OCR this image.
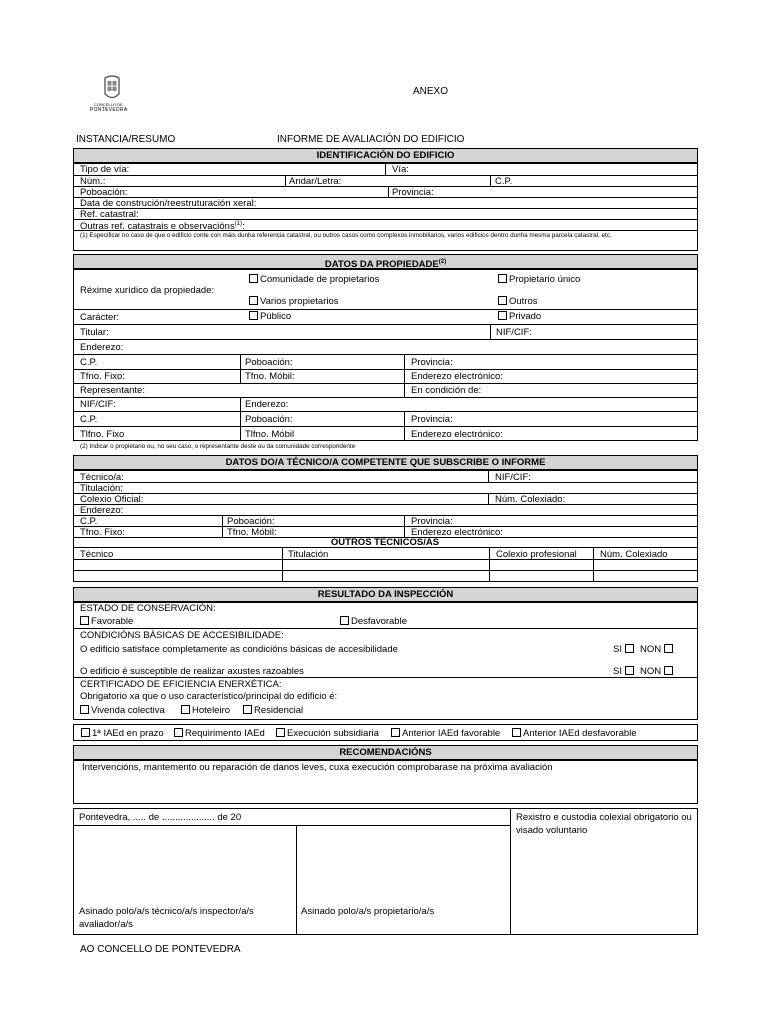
CONCELLO DE
PONTEVEDRA
ANEXO
INSTANCIA/RESUMO	INFORME DE AVALIACIÓN DO EDIFICIO
IDENTIFICACIÓN DO EDIFICIO
Tipo de vía:	Vía:
Núm.:	Andar/Letra:	C.P.
Poboación:	Provincia:
Data de construción/reestruturación xeral:
Ref. catastral:
Outras ref. catastrais e observacións$^{(1)}$:
(1) Especificar no caso de que o edificio conte con máis dunha referencia catastral, ou outros casos como complexos inmobiliarios, varios edificios dentro dunha mesma parcela catastral, etc.
DATOS DA PROPIEDADE$^{(2)}$
Réxime xurídico da propiedade:
Comunidade de propietarios	Propietario único
Varios propietarios	Outros
Carácter:	Público	Privado
Titular:	NIF/CIF:
Enderezo:
C.P.	Poboación:	Provincia:
Tfno. Fixo:	Tfno. Móbil:	Enderezo electrónico:
Representante:	En condición de:
NIF/CIF:	Enderezo:
C.P.	Poboación:	Provincia:
Tlfno. Fixo	Tlfno. Móbil	Enderezo electrónico:
(2) Indicar o propietario ou, no seu caso, o representante deste ou da comunidade correspondente
DATOS DO/A TÉCNICO/A COMPETENTE QUE SUBSCRIBE O INFORME
Técnico/a:	NIF/CIF:
Titulación:
Colexio Oficial:	Núm. Colexiado:
Enderezo:
C.P.	Poboación:	Provincia:
Tfno. Fixo:	Tfno. Móbil:	Enderezo electrónico:
OUTROS TÉCNICOS/AS
Técnico	Titulación	Colexio profesional Núm. Colexiado
RESULTADO DA INSPECCIÓN
ESTADO DE CONSERVACIÓN:
Favorable	Desfavorable
CONDICIÓNS BÁSICAS DE ACCESIBILIDADE:
O edificio satisface completamente as condicións básicas de accesibilidade	SI	NON
O edificio é susceptible de realizar axustes razoables	SI	NON
CERTIFICADO DE EFICIENCIA ENERXÉTICA:
Obrigatorio xa que o uso característico/principal do edificio é:
Vivenda colectiva	Hoteleiro	Residencial
1ª IAEd en prazo	Requirimento IAEd	Execución subsidiaria	Anterior IAEd favorable	Anterior IAEd desfavorable
RECOMENDACIÓNS
Intervencións, mantemento ou reparación de danos leves, cuxa execución comprobarase na próxima avaliación
Pontevedra, ..... de .................... de 20	Rexistro e custodia colexial obrigatorio ou visado voluntario
Asinado polo/a/s técnico/a/s inspector/a/s avaliador/a/s
Asinado polo/a/s propietario/a/s
AO CONCELLO DE PONTEVEDRA
